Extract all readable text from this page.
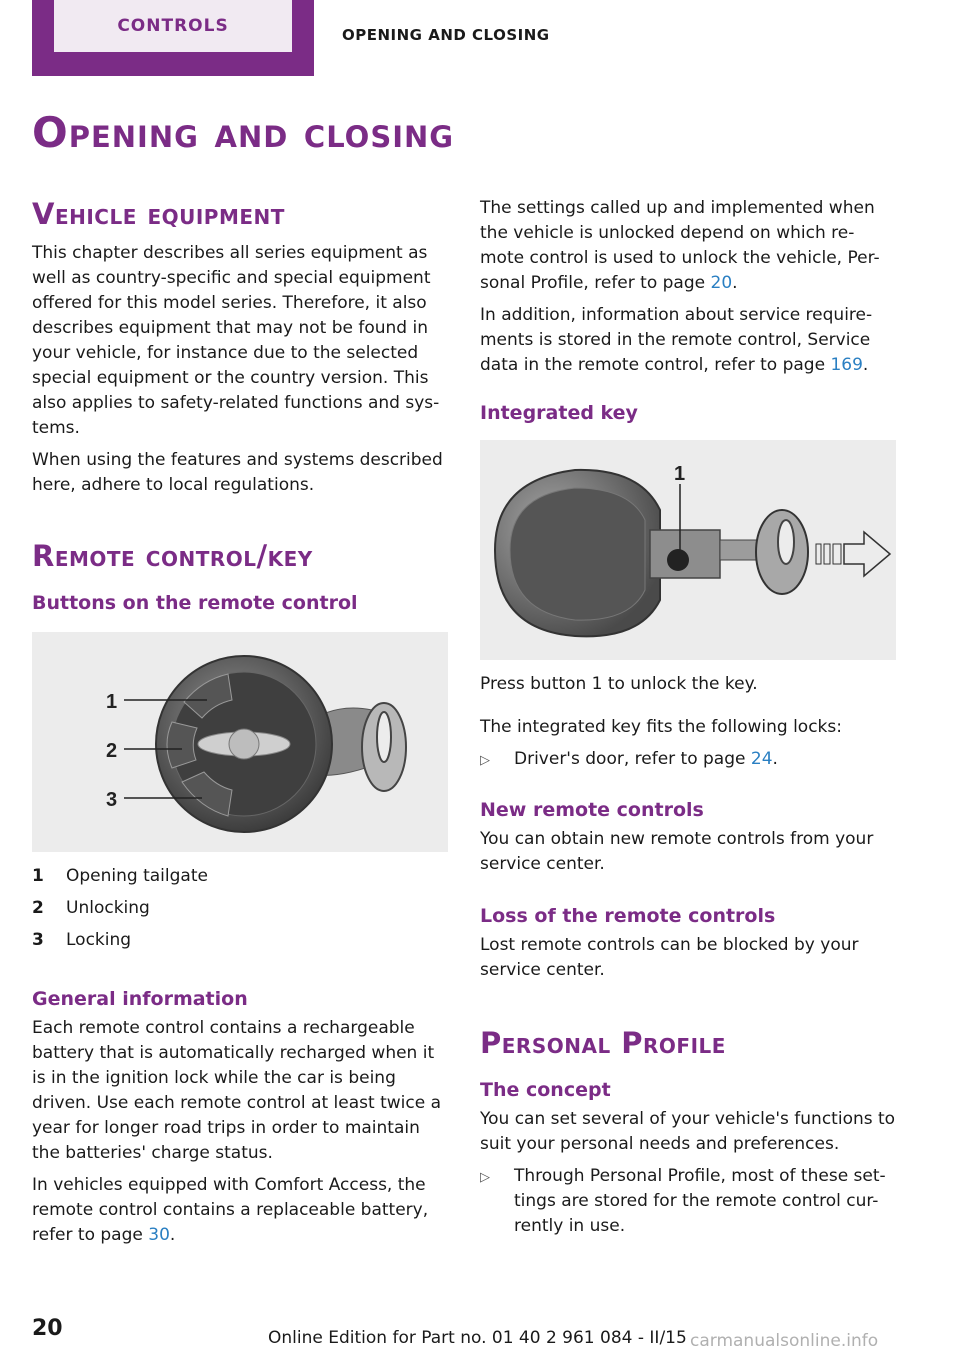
CONTROLS	OPENING AND CLOSING
Opening and closing
Vehicle equipment

This chapter describes all series equipment as well as country-specific and special equipment offered for this model series. Therefore, it also describes equipment that may not be found in your vehicle, for instance due to the selected special equipment or the country version. This also applies to safety-related functions and sys-tems.

When using the features and systems described here, adhere to local regulations.

Remote control/key
Buttons on the remote control
1
2
3
1	Opening tailgate
2	Unlocking
3	Locking
General information

Each remote control contains a rechargeable battery that is automatically recharged when it is in the ignition lock while the car is being driven. Use each remote control at least twice a year for longer road trips in order to maintain the batteries' charge status.

In vehicles equipped with Comfort Access, the remote control contains a replaceable battery, refer to page 30.

The settings called up and implemented when the vehicle is unlocked depend on which re-mote control is used to unlock the vehicle, Per-sonal Profile, refer to page 20.

In addition, information about service require-ments is stored in the remote control, Service data in the remote control, refer to page 169.

Integrated key
1

Press button 1 to unlock the key.

The integrated key fits the following locks:

▷	Driver's door, refer to page 24.
New remote controls

You can obtain new remote controls from your service center.

Loss of the remote controls

Lost remote controls can be blocked by your service center.

Personal Profile
The concept

You can set several of your vehicle's functions to suit your personal needs and preferences.

▷	Through Personal Profile, most of these set-tings are stored for the remote control cur-rently in use.
20	Online Edition for Part no. 01 40 2 961 084 - II/15 carmanualsonline.info
